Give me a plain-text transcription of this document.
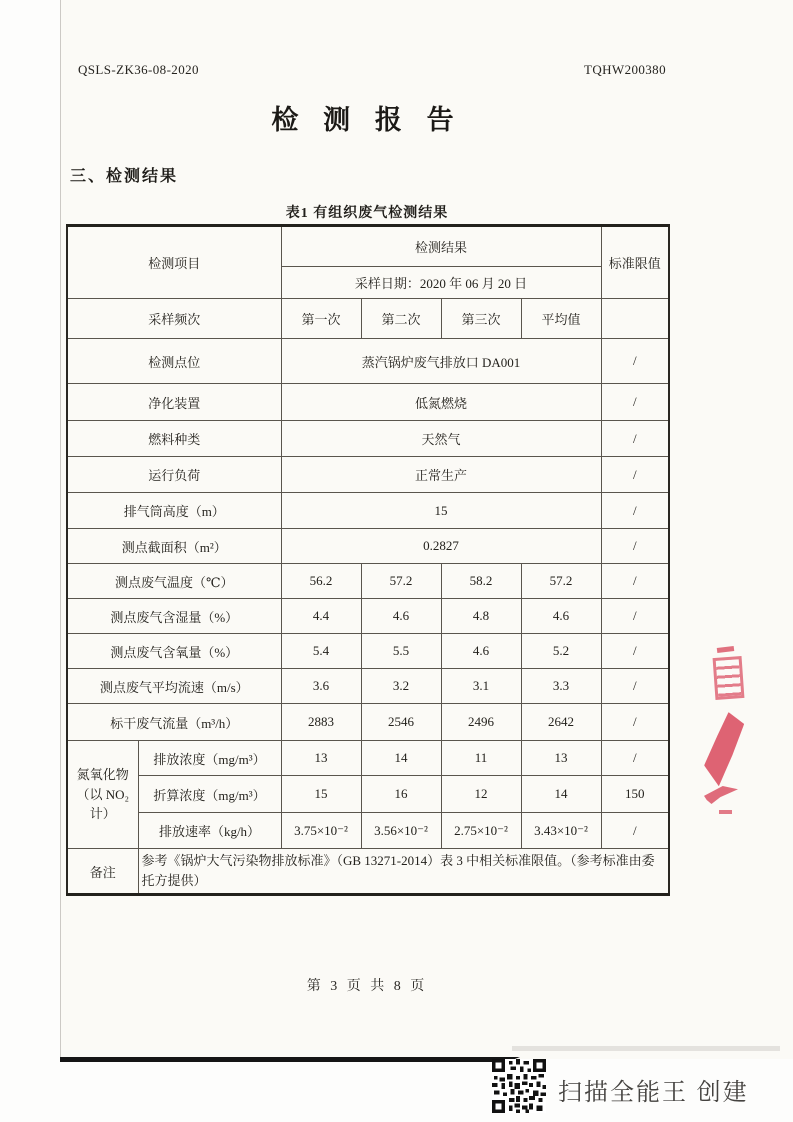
QSLS-ZK36-08-2020	TQHW200380
检 测 报 告
三、检测结果
表1 有组织废气检测结果
检测项目		检测结果				标准限值
		采样日期：2020 年 06 月 20 日				
采样频次		第一次	第二次	第三次	平均值	
检测点位		蒸汽锅炉废气排放口 DA001				/
净化装置		低氮燃烧				/
燃料种类		天然气				/
运行负荷		正常生产				/
排气筒高度（m）		15				/
测点截面积（m²）		0.2827				/
测点废气温度（℃）		56.2	57.2	58.2	57.2	/
测点废气含湿量（%）		4.4	4.6	4.8	4.6	/
测点废气含氧量（%）		5.4	5.5	4.6	5.2	/
测点废气平均流速（m/s）		3.6	3.2	3.1	3.3	/
标干废气流量（m³/h）		2883	2546	2496	2642	/
氮氧化物（以 NO₂ 计）	排放浓度（mg/m³）	13	14	11	13	/
	折算浓度（mg/m³）	15	16	12	14	150
	排放速率（kg/h）	3.75×10⁻²	3.56×10⁻²	2.75×10⁻²	3.43×10⁻²	/
备注	参考《锅炉大气污染物排放标准》（GB 13271-2014）表 3 中相关标准限值。（参考标准由委托方提供）					
第 3 页 共 8 页
扫描全能王 创建
